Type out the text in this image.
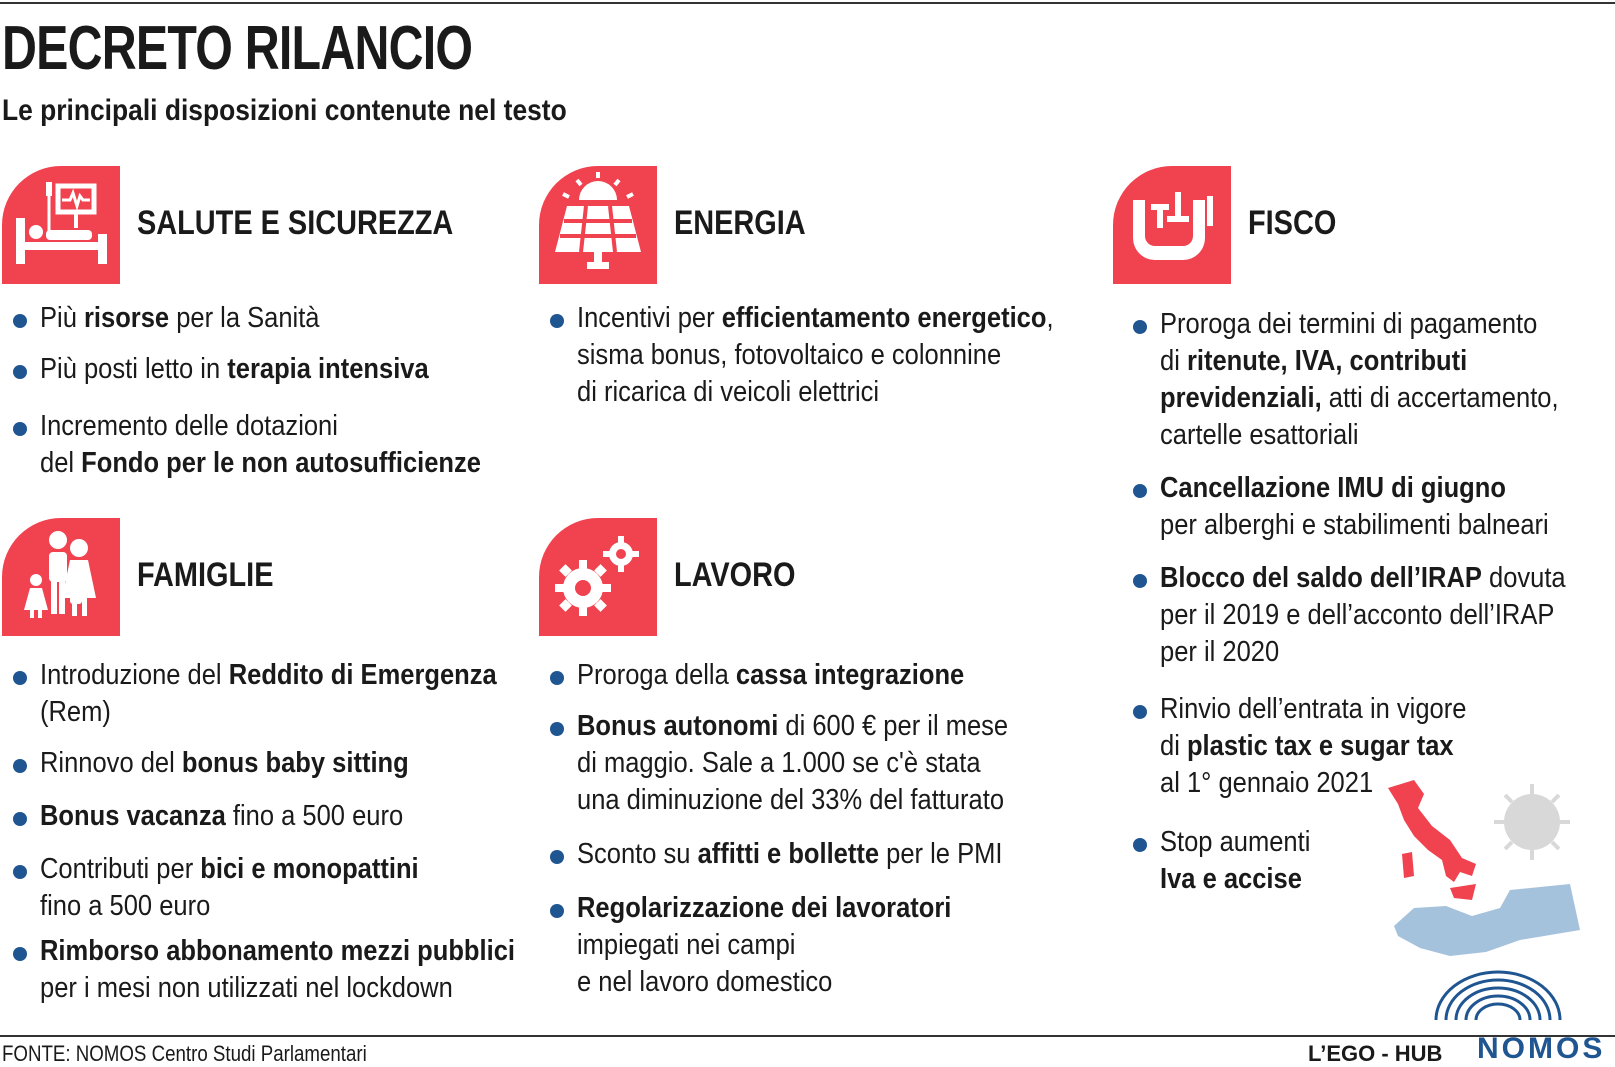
DECRETO RILANCIO
Le principali disposizioni contenute nel testo
SALUTE E SICUREZZA
Più risorse per la Sanità
Più posti letto in terapia intensiva
Incremento delle dotazioni
del Fondo per le non autosufficienze
ENERGIA
Incentivi per efficientamento energetico,
sisma bonus, fotovoltaico e colonnine
di ricarica di veicoli elettrici
FISCO
Proroga dei termini di pagamento
di ritenute, IVA, contributi
previdenziali, atti di accertamento,
cartelle esattoriali
Cancellazione IMU di giugno
per alberghi e stabilimenti balneari
Blocco del saldo dell’IRAP dovuta
per il 2019 e dell’acconto dell’IRAP
per il 2020
Rinvio dell’entrata in vigore
di plastic tax e sugar tax
al 1° gennaio 2021
Stop aumenti
Iva e accise
FAMIGLIE
Introduzione del Reddito di Emergenza
(Rem)
Rinnovo del bonus baby sitting
Bonus vacanza fino a 500 euro
Contributi per bici e monopattini
fino a 500 euro
Rimborso abbonamento mezzi pubblici
per i mesi non utilizzati nel lockdown
LAVORO
Proroga della cassa integrazione
Bonus autonomi di 600 € per il mese
di maggio. Sale a 1.000 se c'è stata
una diminuzione del 33% del fatturato
Sconto su affitti e bollette per le PMI
Regolarizzazione dei lavoratori
impiegati nei campi
e nel lavoro domestico
FONTE: NOMOS Centro Studi Parlamentari	L’EGO - HUB NOMOS
